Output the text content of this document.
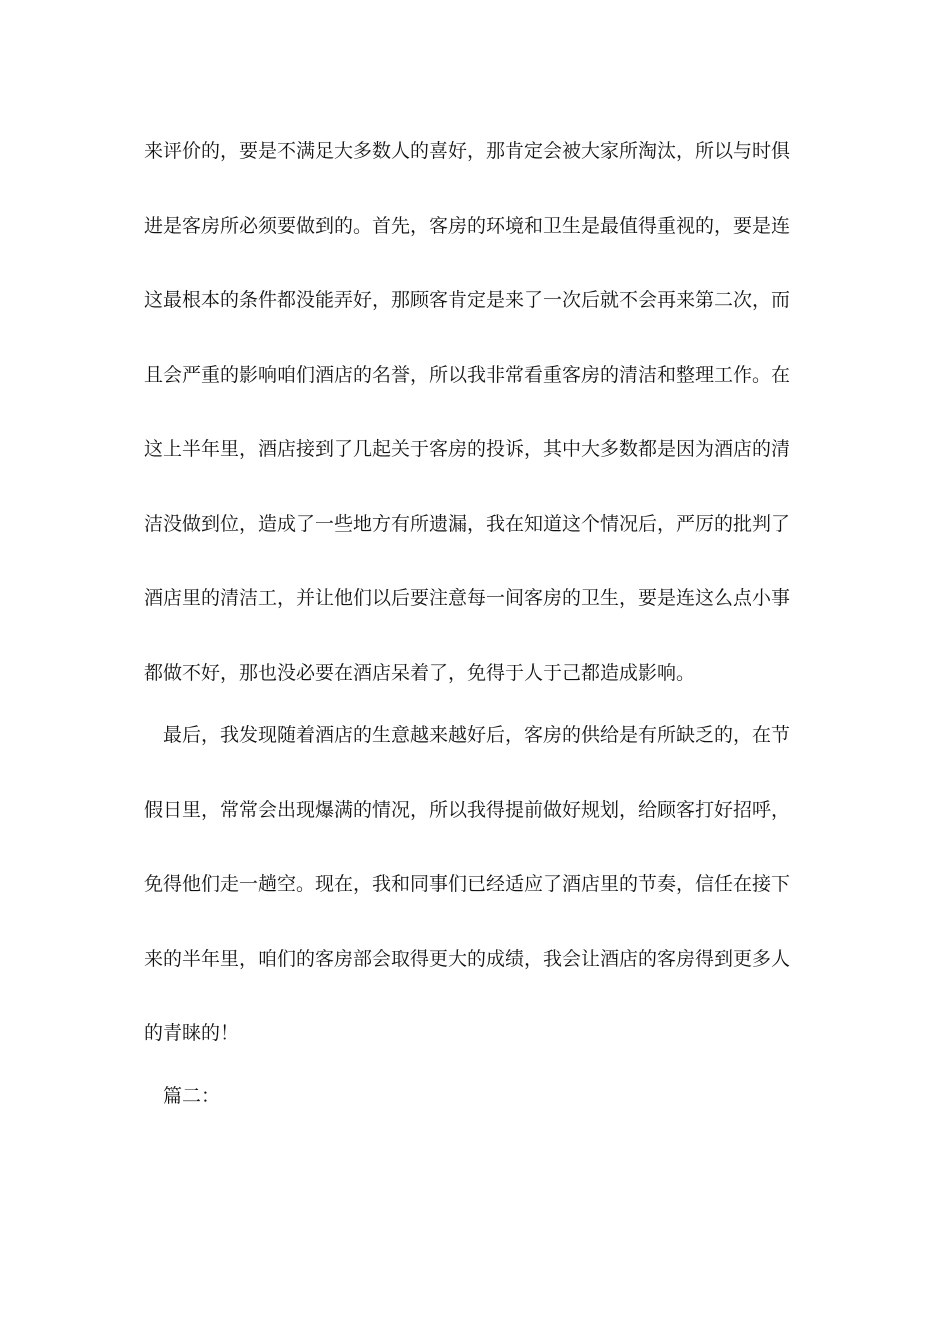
来评价的，要是不满足大多数人的喜好，那肯定会被大家所淘汰，所以与时俱
进是客房所必须要做到的。首先，客房的环境和卫生是最值得重视的，要是连
这最根本的条件都没能弄好，那顾客肯定是来了一次后就不会再来第二次，而
且会严重的影响咱们酒店的名誉，所以我非常看重客房的清洁和整理工作。在
这上半年里，酒店接到了几起关于客房的投诉，其中大多数都是因为酒店的清
洁没做到位，造成了一些地方有所遗漏，我在知道这个情况后，严厉的批判了
酒店里的清洁工，并让他们以后要注意每一间客房的卫生，要是连这么点小事
都做不好，那也没必要在酒店呆着了，免得于人于己都造成影响。
最后，我发现随着酒店的生意越来越好后，客房的供给是有所缺乏的，在节
假日里，常常会出现爆满的情况，所以我得提前做好规划，给顾客打好招呼，
免得他们走一趟空。现在，我和同事们已经适应了酒店里的节奏，信任在接下
来的半年里，咱们的客房部会取得更大的成绩，我会让酒店的客房得到更多人
的青睐的！
篇二：
